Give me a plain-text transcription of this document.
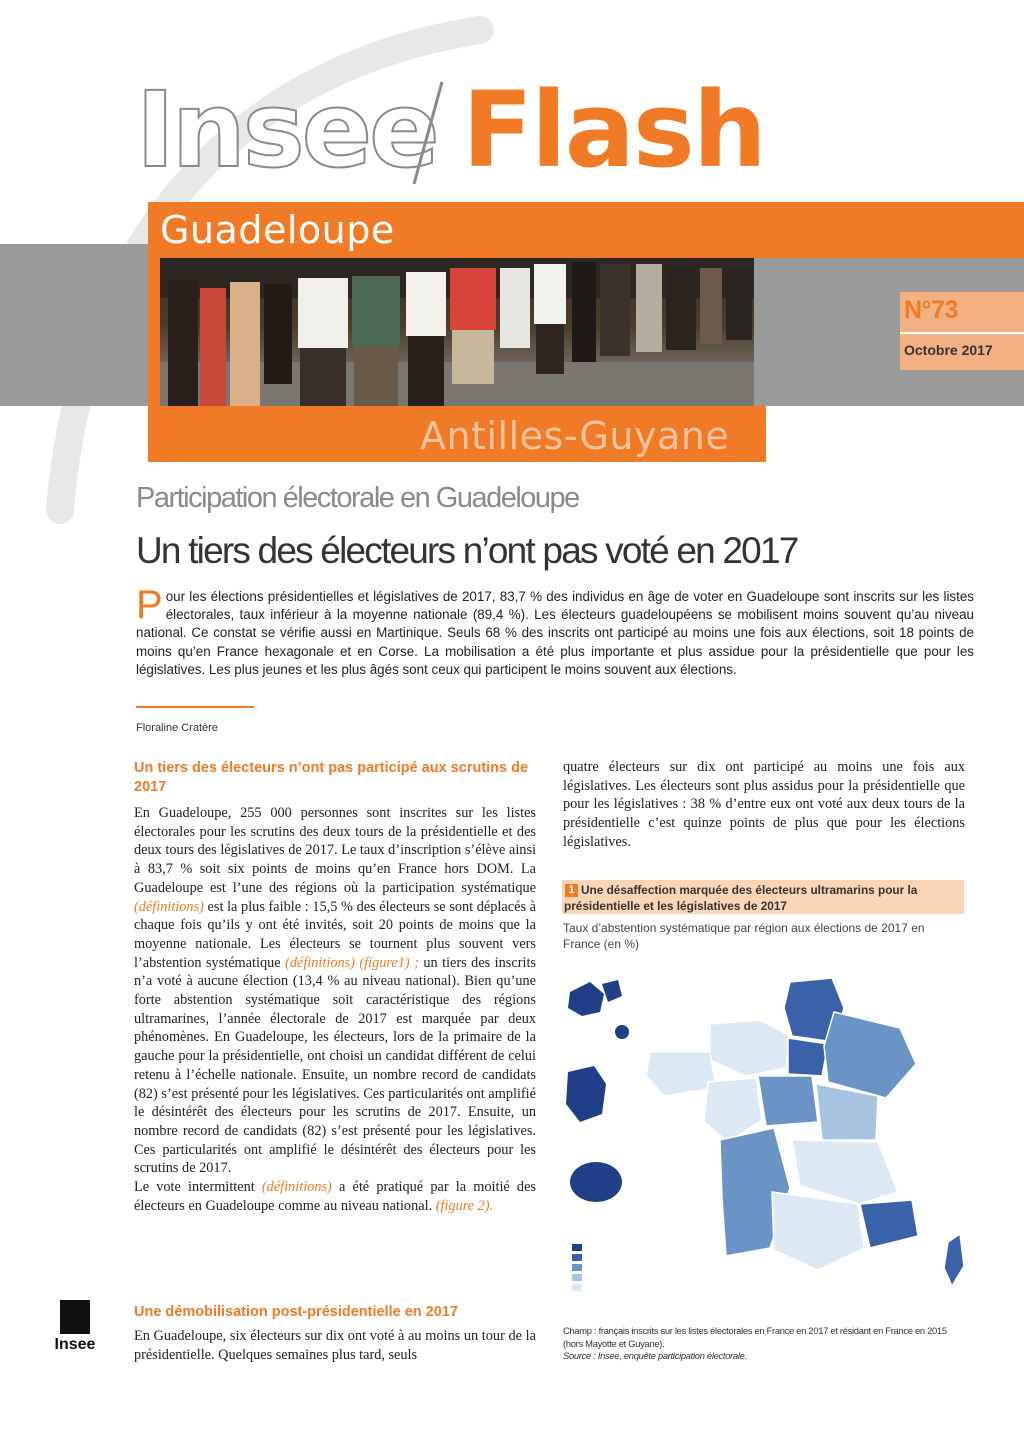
Insee Flash
Guadeloupe
Antilles-Guyane
N°73
Octobre 2017
Participation électorale en Guadeloupe
Un tiers des électeurs n’ont pas voté en 2017
Pour les élections présidentielles et législatives de 2017, 83,7 % des individus en âge de voter en Guadeloupe sont inscrits sur les listes électorales, taux inférieur à la moyenne nationale (89,4 %). Les électeurs guadeloupéens se mobilisent moins souvent qu’au niveau national. Ce constat se vérifie aussi en Martinique. Seuls 68 % des inscrits ont participé au moins une fois aux élections, soit 18 points de moins qu’en France hexagonale et en Corse. La mobilisation a été plus importante et plus assidue pour la présidentielle que pour les législatives. Les plus jeunes et les plus âgés sont ceux qui participent le moins souvent aux élections.
Floraline Cratère
Un tiers des électeurs n’ont pas participé aux scrutins de 2017
En Guadeloupe, 255 000 personnes sont inscrites sur les listes électorales pour les scrutins des deux tours de la présidentielle et des deux tours des législatives de 2017. Le taux d’inscription s’élève ainsi à 83,7 % soit six points de moins qu’en France hors DOM. La Guadeloupe est l’une des régions où la participation systématique (définitions) est la plus faible : 15,5 % des électeurs se sont déplacés à chaque fois qu’ils y ont été invités, soit 20 points de moins que la moyenne nationale. Les électeurs se tournent plus souvent vers l’abstention systématique (définitions) (figure1) ; un tiers des inscrits n’a voté à aucune élection (13,4 % au niveau national). Bien qu’une forte abstention systématique soit caractéristique des régions ultramarines, l’année électorale de 2017 est marquée par deux phénomènes. En Guadeloupe, les électeurs, lors de la primaire de la gauche pour la présidentielle, ont choisi un candidat différent de celui retenu à l’échelle nationale. Ensuite, un nombre record de candidats (82) s’est présenté pour les législatives. Ces particularités ont amplifié le désintérêt des électeurs pour les scrutins de 2017. Ensuite, un nombre record de candidats (82) s’est présenté pour les législatives. Ces particularités ont amplifié le désintérêt des électeurs pour les scrutins de 2017.
Le vote intermittent (définitions) a été pratiqué par la moitié des électeurs en Guadeloupe comme au niveau national. (figure 2).
Une démobilisation post-présidentielle en 2017
En Guadeloupe, six électeurs sur dix ont voté à au moins un tour de la présidentielle. Quelques semaines plus tard, seuls
quatre électeurs sur dix ont participé au moins une fois aux législatives. Les électeurs sont plus assidus pour la présidentielle que pour les législatives : 38 % d’entre eux ont voté aux deux tours de la présidentielle c’est quinze points de plus que pour les élections législatives.
1 Une désaffection marquée des électeurs ultramarins pour la présidentielle et les législatives de 2017
Taux d’abstention systématique par région aux élections de 2017 en France (en %)
Champ : français inscrits sur les listes électorales en France en 2017 et résidant en France en 2015 (hors Mayotte et Guyane).
Source : Insee, enquête participation électorale.
Insee
